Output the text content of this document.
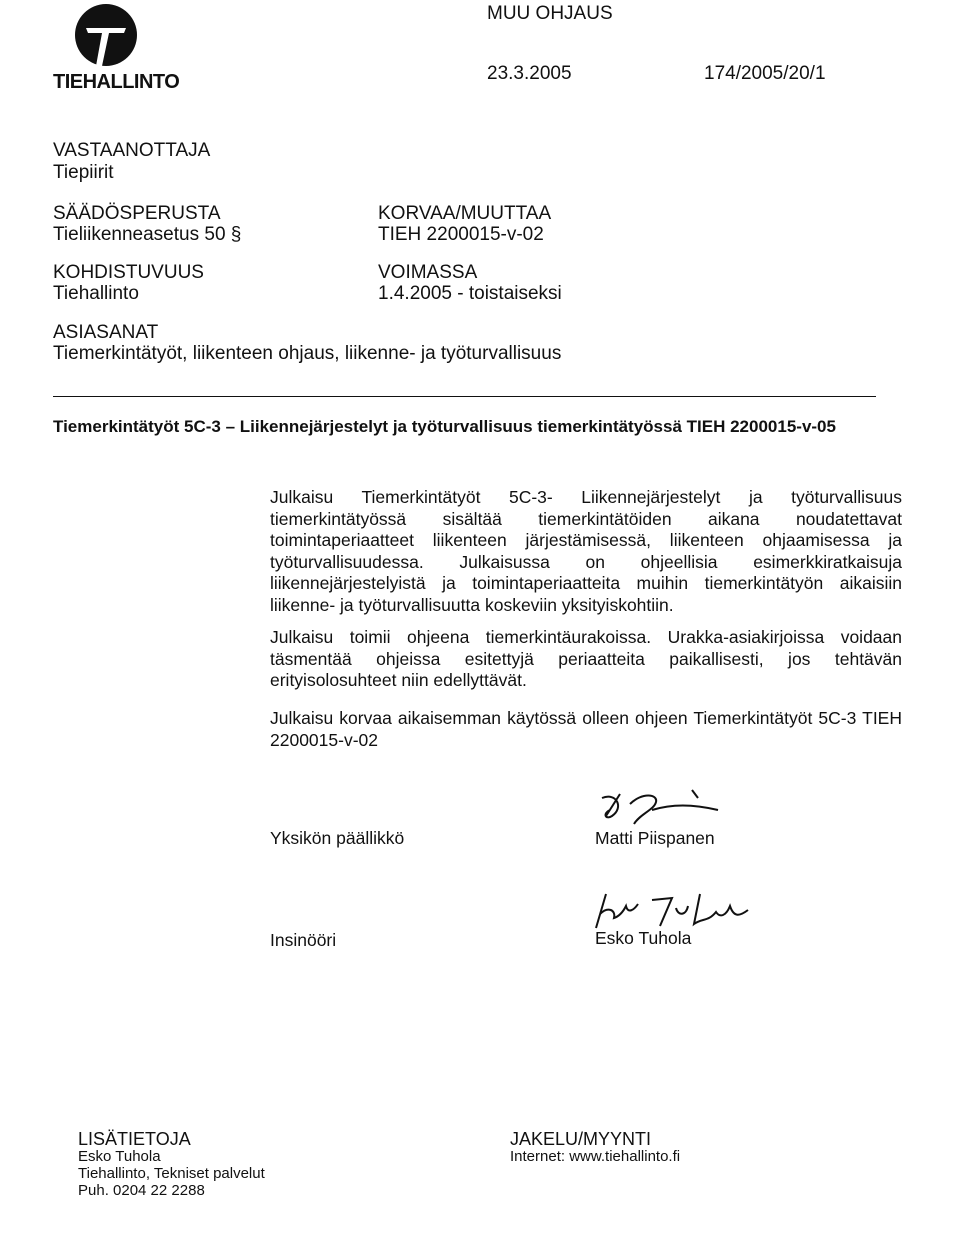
TIEHALLINTO
MUU OHJAUS
23.3.2005	174/2005/20/1
VASTAANOTTAJA
Tiepiirit
SÄÄDÖSPERUSTA
Tieliikenneasetus 50 §
KOHDISTUVUUS
Tiehallinto
KORVAA/MUUTTAA
TIEH 2200015-v-02
VOIMASSA
1.4.2005 - toistaiseksi
ASIASANAT
Tiemerkintätyöt, liikenteen ohjaus, liikenne- ja työturvallisuus
Tiemerkintätyöt 5C-3 – Liikennejärjestelyt ja työturvallisuus tiemerkintätyössä TIEH 2200015-v-05
Julkaisu Tiemerkintätyöt 5C-3- Liikennejärjestelyt ja työturvallisuus tiemerkintätyössä sisältää tiemerkintätöiden aikana noudatettavat toimintaperiaatteet liikenteen järjestämisessä, liikenteen ohjaamisessa ja työturvallisuudessa. Julkaisussa on ohjeellisia esimerkkiratkaisuja liikennejärjestelyistä ja toimintaperiaatteita muihin tiemerkintätyön aikaisiin liikenne- ja työturvallisuutta koskeviin yksityiskohtiin.
Julkaisu toimii ohjeena tiemerkintäurakoissa. Urakka-asiakirjoissa voidaan täsmentää ohjeissa esitettyjä periaatteita paikallisesti, jos tehtävän erityisolosuhteet niin edellyttävät.
Julkaisu korvaa aikaisemman käytössä olleen ohjeen Tiemerkintätyöt 5C-3 TIEH 2200015-v-02
Yksikön päällikkö	Matti Piispanen
Insinööri	Esko Tuhola
LISÄTIETOJA
Esko Tuhola
Tiehallinto, Tekniset palvelut
Puh. 0204 22 2288
JAKELU/MYYNTI
Internet: www.tiehallinto.fi
